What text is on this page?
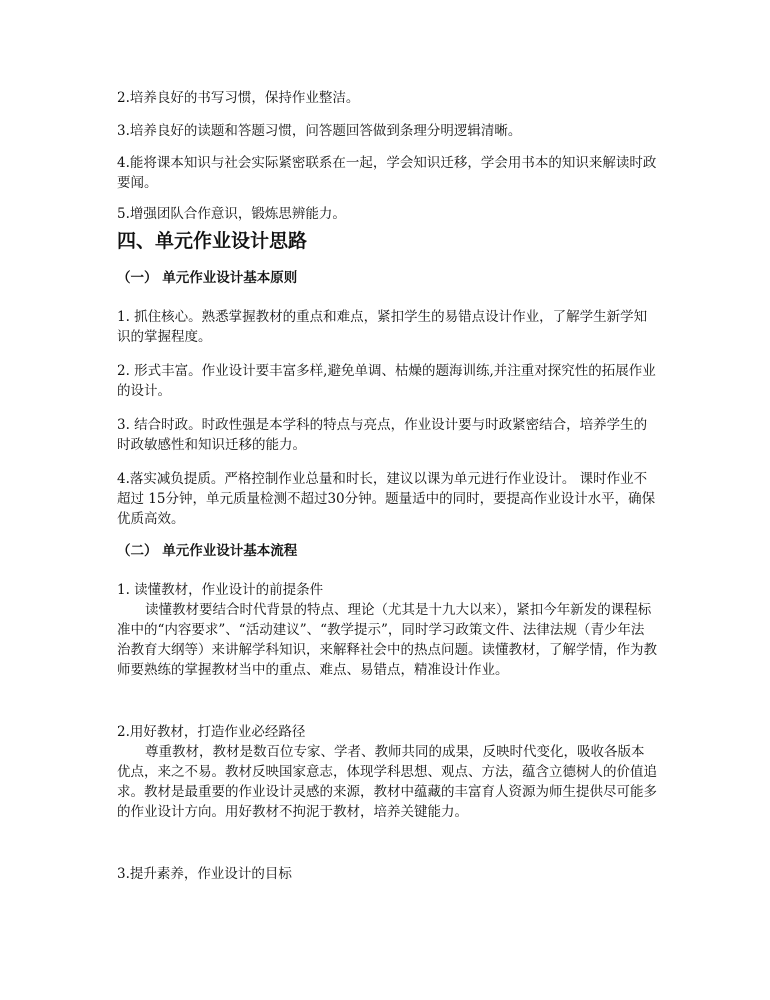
2.培养良好的书写习惯，保持作业整洁。

3.培养良好的读题和答题习惯，问答题回答做到条理分明逻辑清晰。

4.能将课本知识与社会实际紧密联系在一起，学会知识迁移，学会用书本的知识来解读时政要闻。

5.增强团队合作意识，锻炼思辨能力。

四、单元作业设计思路
（一） 单元作业设计基本原则

1. 抓住核心。熟悉掌握教材的重点和难点，紧扣学生的易错点设计作业，了解学生新学知识的掌握程度。

2. 形式丰富。作业设计要丰富多样,避免单调、枯燥的题海训练,并注重对探究性的拓展作业的设计。

3. 结合时政。时政性强是本学科的特点与亮点，作业设计要与时政紧密结合，培养学生的时政敏感性和知识迁移的能力。

4.落实减负提质。严格控制作业总量和时长，建议以课为单元进行作业设计。 课时作业不超过 15分钟，单元质量检测不超过30分钟。题量适中的同时，要提高作业设计水平，确保优质高效。

（二） 单元作业设计基本流程

1. 读懂教材，作业设计的前提条件

读懂教材要结合时代背景的特点、理论（尤其是十九大以来），紧扣今年新发的课程标准中的“内容要求”、“活动建议”、“教学提示”，同时学习政策文件、法律法规（青少年法治教育大纲等）来讲解学科知识，来解释社会中的热点问题。读懂教材，了解学情，作为教师要熟练的掌握教材当中的重点、难点、易错点，精准设计作业。

2.用好教材，打造作业必经路径

尊重教材，教材是数百位专家、学者、教师共同的成果，反映时代变化，吸收各版本优点，来之不易。教材反映国家意志，体现学科思想、观点、方法，蕴含立德树人的价值追求。教材是最重要的作业设计灵感的来源，教材中蕴藏的丰富育人资源为师生提供尽可能多的作业设计方向。用好教材不拘泥于教材，培养关键能力。

3.提升素养，作业设计的目标
